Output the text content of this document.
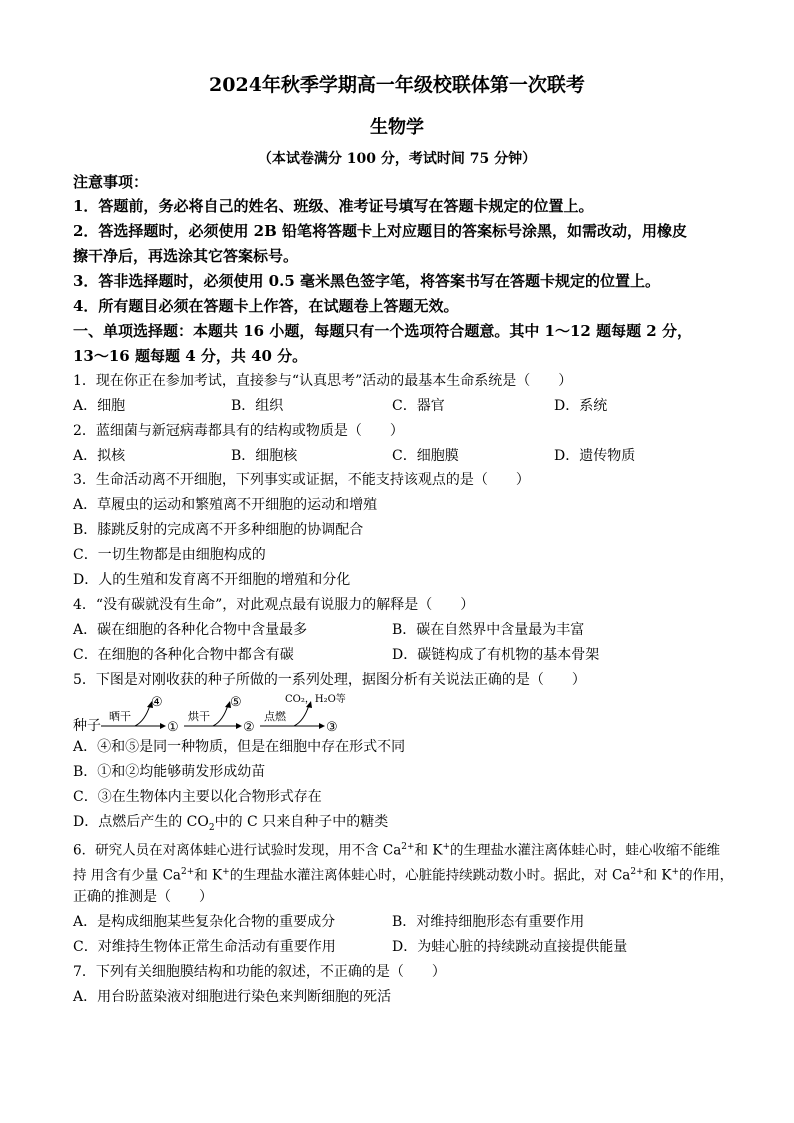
2024年秋季学期高一年级校联体第一次联考
生物学
（本试卷满分 100 分，考试时间 75 分钟）
注意事项：
1．答题前，务必将自己的姓名、班级、准考证号填写在答题卡规定的位置上。
2．答选择题时，必须使用 2B 铅笔将答题卡上对应题目的答案标号涂黑，如需改动，用橡皮
擦干净后，再选涂其它答案标号。
3．答非选择题时，必须使用 0.5 毫米黑色签字笔，将答案书写在答题卡规定的位置上。
4．所有题目必须在答题卡上作答，在试题卷上答题无效。
一、单项选择题：本题共 16 小题，每题只有一个选项符合题意。其中 1～12 题每题 2 分，
13～16 题每题 4 分，共 40 分。
1．现在你正在参加考试，直接参与“认真思考”活动的最基本生命系统是（　　）
A．细胞	B．组织	C．器官	D．系统
2．蓝细菌与新冠病毒都具有的结构或物质是（　　）
A．拟核	B．细胞核	C．细胞膜	D．遗传物质
3．生命活动离不开细胞，下列事实或证据，不能支持该观点的是（　　）
A．草履虫的运动和繁殖离不开细胞的运动和增殖
B．膝跳反射的完成离不开多种细胞的协调配合
C．一切生物都是由细胞构成的
D．人的生殖和发育离不开细胞的增殖和分化
4．“没有碳就没有生命”，对此观点最有说服力的解释是（　　）
A．碳在细胞的各种化合物中含量最多	B．碳在自然界中含量最为丰富
C．在细胞的各种化合物中都含有碳	D．碳链构成了有机物的基本骨架
5．下图是对刚收获的种子所做的一系列处理，据图分析有关说法正确的是（　　）
种子
晒干
④
①
烘干
⑤
②
点燃
CO₂，H₂O等
③
A．④和⑤是同一种物质，但是在细胞中存在形式不同
B．①和②均能够萌发形成幼苗
C．③在生物体内主要以化合物形式存在
D．点燃后产生的 $CO_2$中的 C 只来自种子中的糖类
6．研究人员在对离体蛙心进行试验时发现，用不含 $Ca^{2+}$和 K+的生理盐水灌注离体蛙心时，蛙心收缩不能维
持 用含有少量 $Ca^{2+}$和 K+的生理盐水灌注离体蛙心时，心脏能持续跳动数小时。据此，对 $Ca^{2+}$和 K+的作用，
正确的推测是（　　）
A．是构成细胞某些复杂化合物的重要成分	B．对维持细胞形态有重要作用
C．对维持生物体正常生命活动有重要作用	D．为蛙心脏的持续跳动直接提供能量
7．下列有关细胞膜结构和功能的叙述，不正确的是（　　）
A．用台盼蓝染液对细胞进行染色来判断细胞的死活
